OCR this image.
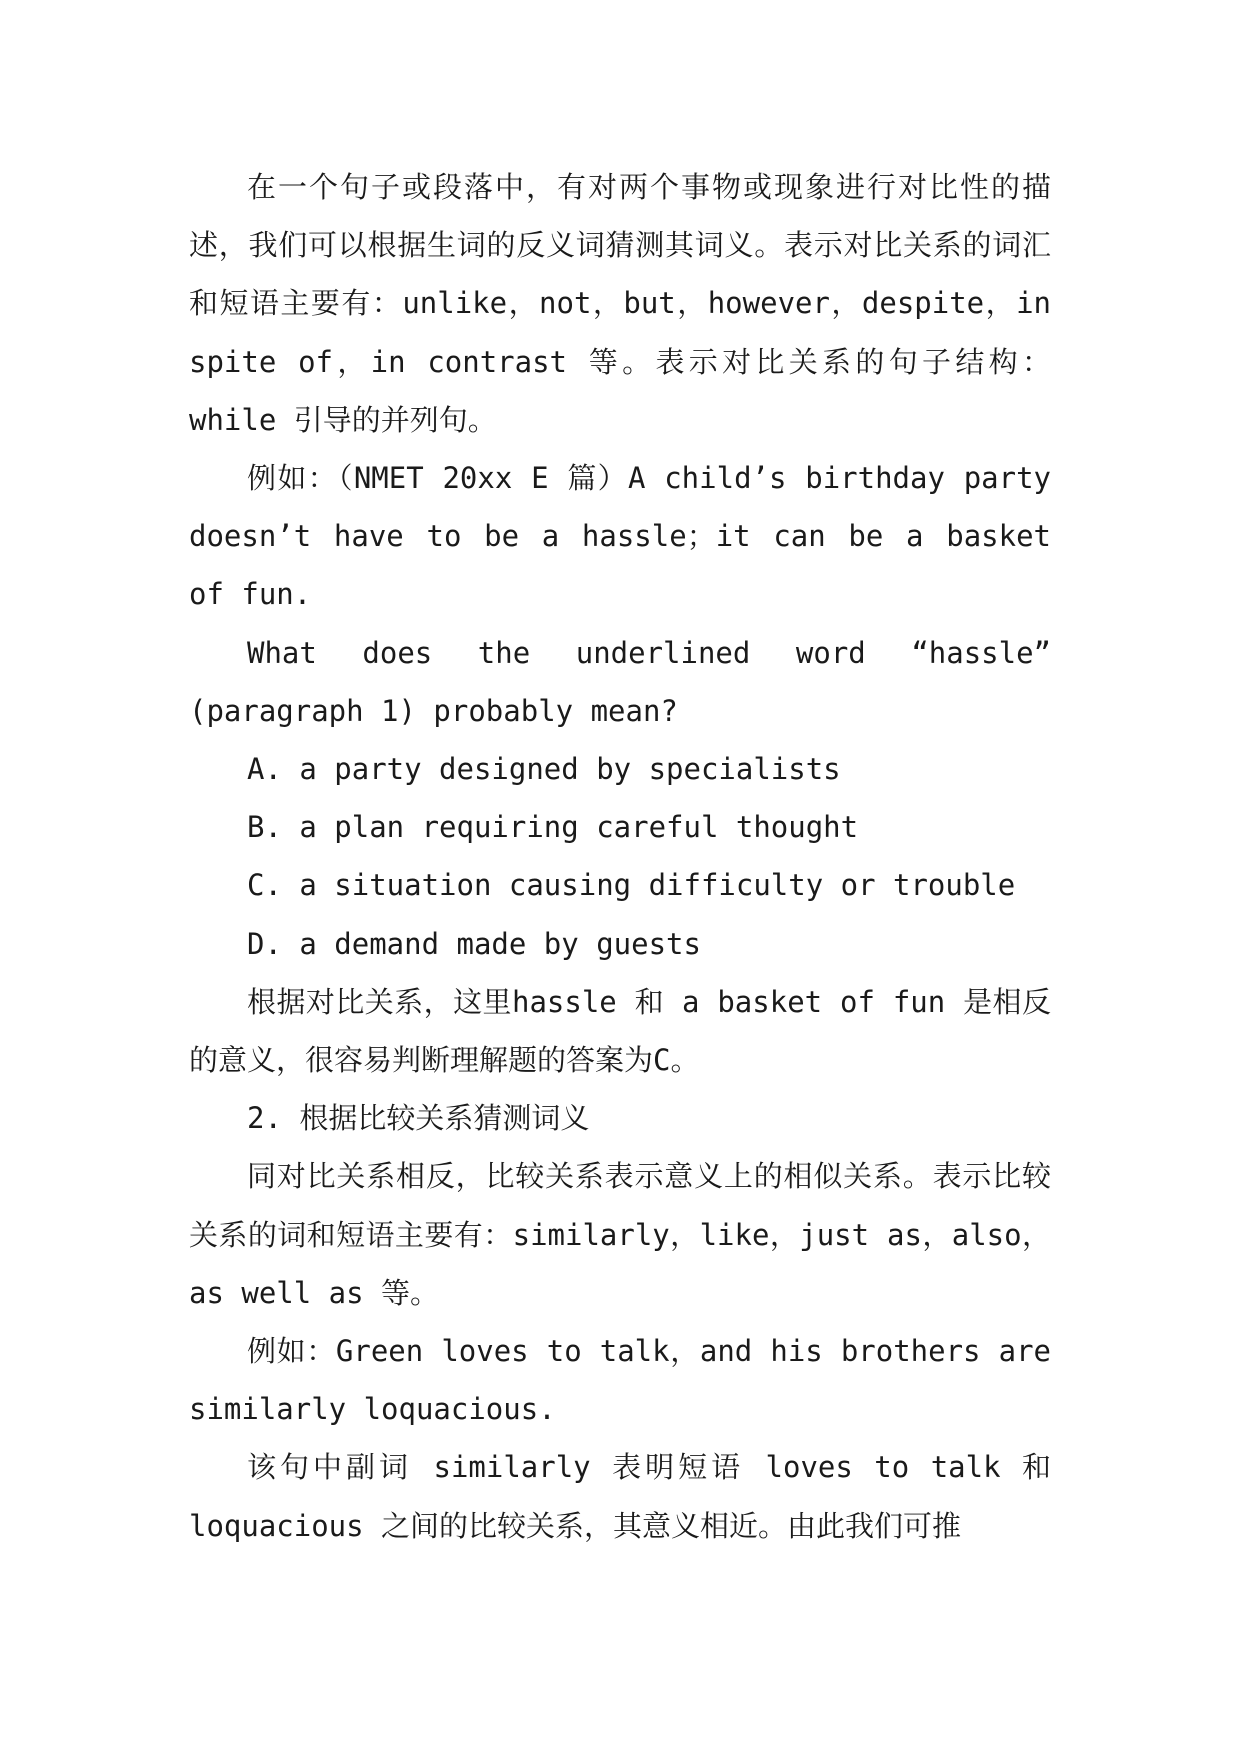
在一个句子或段落中，有对两个事物或现象进行对比性的描述，我们可以根据生词的反义词猜测其词义。表示对比关系的词汇和短语主要有：unlike，not，but，however，despite，in spite of，in contrast 等。表示对比关系的句子结构：while 引导的并列句。

例如：（NMET 20xx E 篇）A child’s birthday party doesn’t have to be a hassle；it can be a basket of fun.

What does the underlined word “hassle” (paragraph 1) probably mean?

A. a party designed by specialists

B. a plan requiring careful thought

C. a situation causing difficulty or trouble

D. a demand made by guests

根据对比关系，这里hassle 和 a basket of fun 是相反的意义，很容易判断理解题的答案为C。

2. 根据比较关系猜测词义

同对比关系相反，比较关系表示意义上的相似关系。表示比较关系的词和短语主要有：similarly，like，just as，also，as well as 等。

例如：Green loves to talk，and his brothers are similarly loquacious.

该句中副词 similarly 表明短语 loves to talk 和 loquacious 之间的比较关系，其意义相近。由此我们可推
